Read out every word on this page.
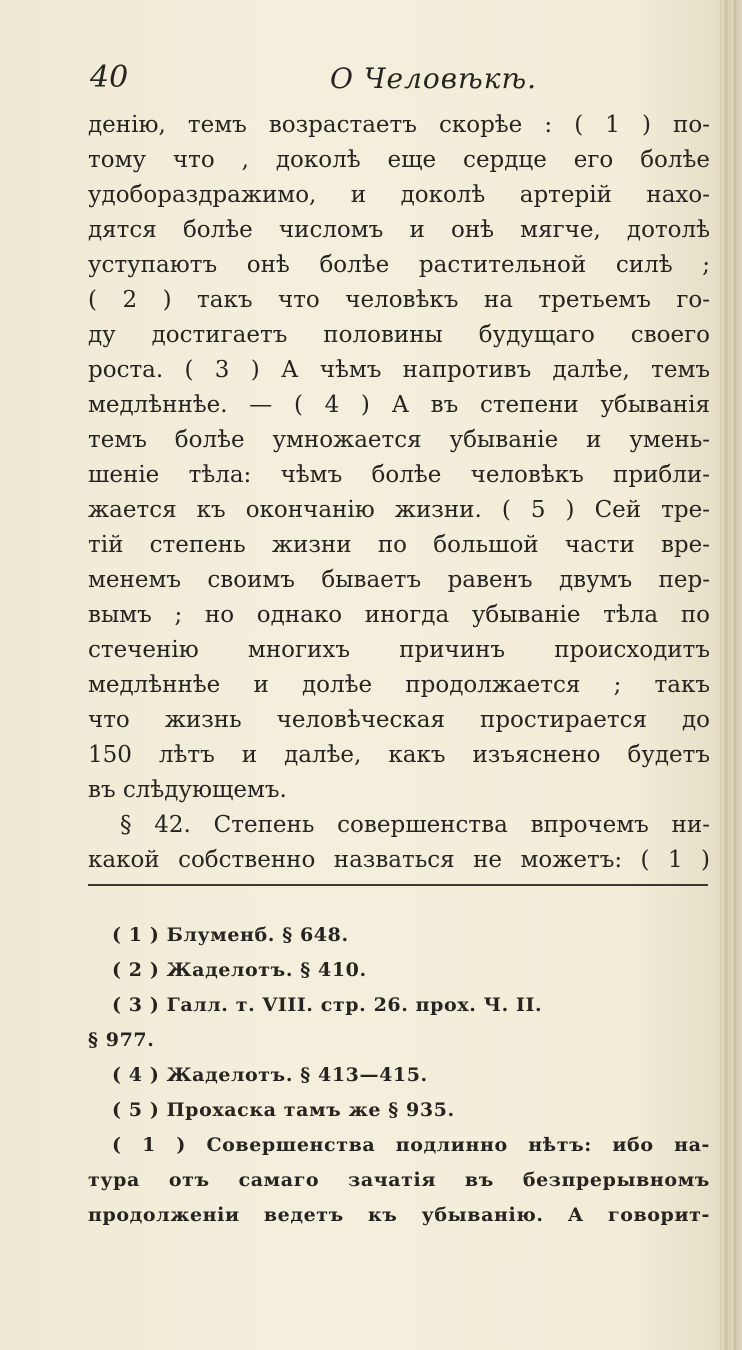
40	О Человѣкѣ.
денію, темъ возрастаетъ скорѣе : ( 1 ) по-
тому что , доколѣ еще сердце его болѣе
удобораздражимо, и доколѣ артерій нахо-
дятся болѣе числомъ и онѣ мягче, дотолѣ
уступаютъ онѣ болѣе растительной силѣ ;
( 2 ) такъ что человѣкъ на третьемъ го-
ду достигаетъ половины будущаго своего
роста. ( 3 ) А чѣмъ напротивъ далѣе, темъ
медлѣннѣе. — ( 4 ) А въ степени убыванія
темъ болѣе умножается убываніе и умень-
шеніе тѣла: чѣмъ болѣе человѣкъ прибли-
жается къ окончанію жизни. ( 5 ) Сей тре-
тій степень жизни по большой части вре-
менемъ своимъ бываетъ равенъ двумъ пер-
вымъ ; но однако иногда убываніе тѣла по
стеченію многихъ причинъ происходитъ
медлѣннѣе и долѣе продолжается ; такъ
что жизнь человѣческая простирается до
150 лѣтъ и далѣе, какъ изъяснено будетъ
въ слѣдующемъ.
§ 42. Степень совершенства впрочемъ ни-
какой собственно назваться не можетъ: ( 1 )
( 1 ) Блуменб. § 648.
( 2 ) Жаделотъ. § 410.
( 3 ) Галл. т. VIII. стр. 26. прох. Ч. II.
§ 977.
( 4 ) Жаделотъ. § 413—415.
( 5 ) Прохаска тамъ же § 935.
( 1 ) Совершенства подлинно нѣтъ: ибо на-
тура отъ самаго зачатія въ безпрерывномъ
продолженіи ведетъ къ убыванію. А говорит-
